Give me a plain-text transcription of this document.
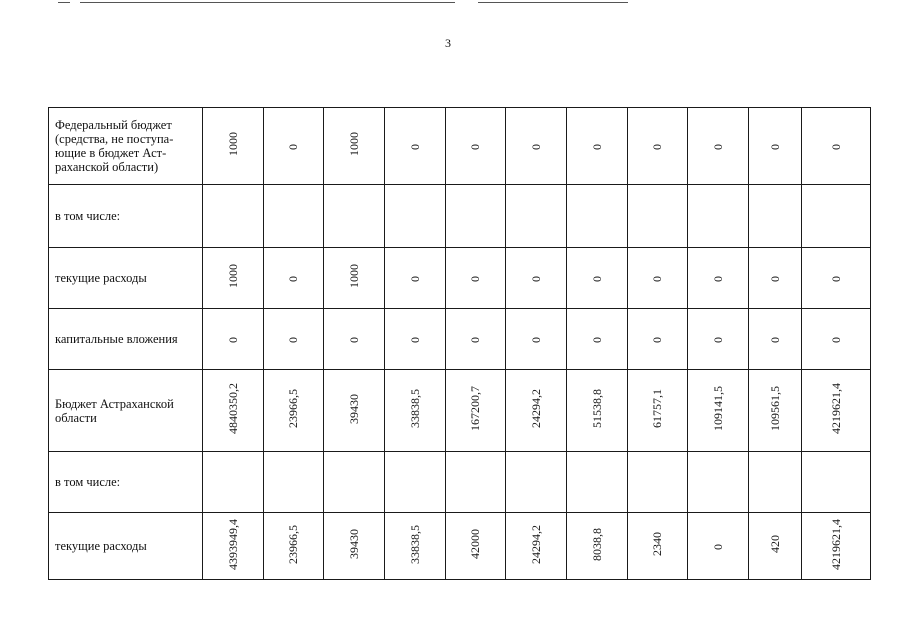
3
Федеральный бюджет (средства, не поступа-ющие в бюджет Аст-раханской области)	1000	0	1000	0	0	0	0	0	0	0	0
в том числе:											
текущие расходы	1000	0	1000	0	0	0	0	0	0	0	0
капитальные вложения	0	0	0	0	0	0	0	0	0	0	0
Бюджет Астраханской области	4840350,2	23966,5	39430	33838,5	167200,7	24294,2	51538,8	61757,1	109141,5	109561,5	4219621,4
в том числе:											
текущие расходы	4393949,4	23966,5	39430	33838,5	42000	24294,2	8038,8	2340	0	420	4219621,4
